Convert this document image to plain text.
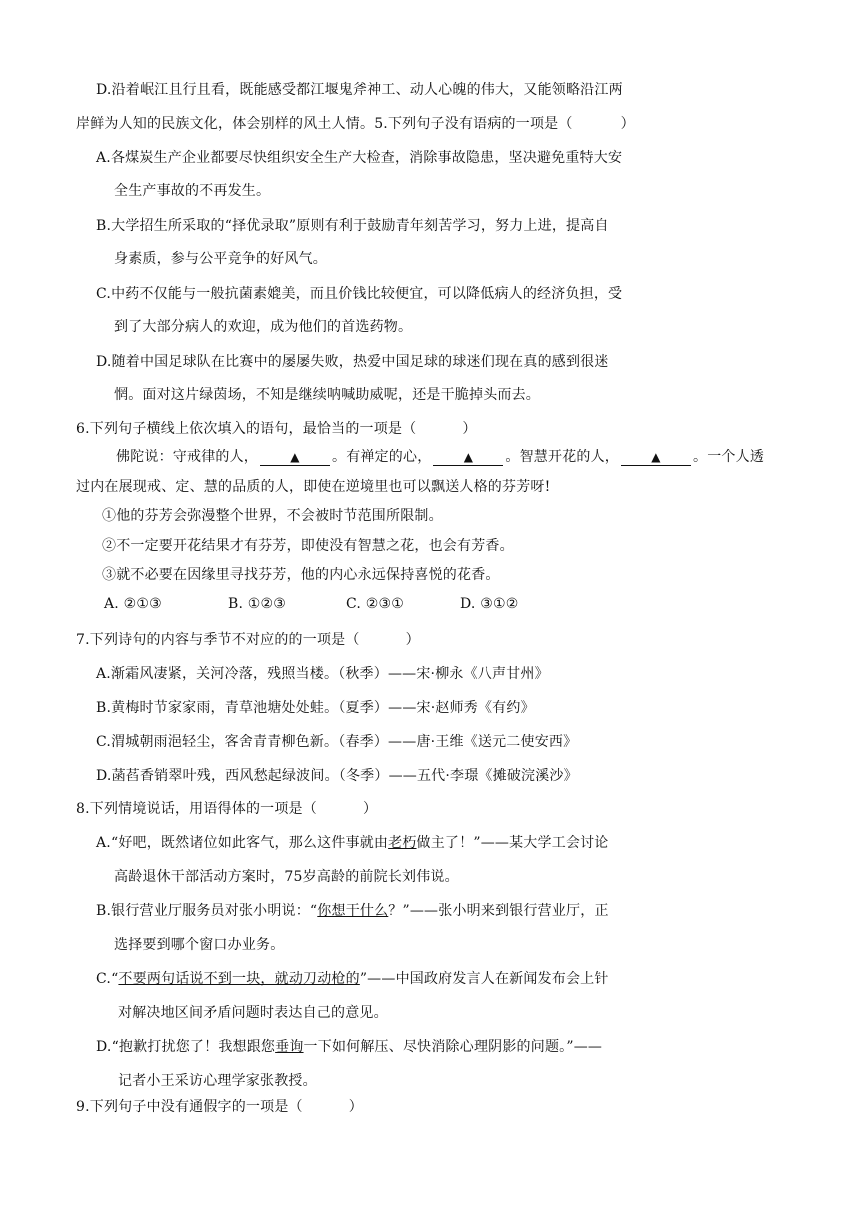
D.沿着岷江且行且看，既能感受都江堰鬼斧神工、动人心魄的伟大，又能领略沿江两
岸鲜为人知的民族文化，体会别样的风土人情。5.下列句子没有语病的一项是（	）
A.各煤炭生产企业都要尽快组织安全生产大检查，消除事故隐患，坚决避免重特大安
全生产事故的不再发生。
B.大学招生所采取的“择优录取”原则有利于鼓励青年刻苦学习，努力上进，提高自
身素质，参与公平竞争的好风气。
C.中药不仅能与一般抗菌素媲美，而且价钱比较便宜，可以降低病人的经济负担，受
到了大部分病人的欢迎，成为他们的首选药物。
D.随着中国足球队在比赛中的屡屡失败，热爱中国足球的球迷们现在真的感到很迷
惘。面对这片绿茵场，不知是继续呐喊助威呢，还是干脆掉头而去。
6.下列句子横线上依次填入的语句，最恰当的一项是（	）
佛陀说：守戒律的人，	▲ 。有禅定的心，	▲ 。智慧开花的人，	▲ 。一个人透
过内在展现戒、定、慧的品质的人，即使在逆境里也可以飘送人格的芬芳呀!
①他的芬芳会弥漫整个世界，不会被时节范围所限制。
②不一定要开花结果才有芬芳，即使没有智慧之花，也会有芳香。
③就不必要在因缘里寻找芬芳，他的内心永远保持喜悦的花香。
A. ②①③	B. ①②③	C. ②③①	D. ③①②
7.下列诗句的内容与季节不对应的的一项是（	）
A.渐霜风凄紧，关河冷落，残照当楼。（秋季）——宋·柳永《八声甘州》
B.黄梅时节家家雨，青草池塘处处蛙。（夏季）——宋·赵师秀《有约》
C.渭城朝雨浥轻尘，客舍青青柳色新。（春季）——唐·王维《送元二使安西》
D.菡萏香销翠叶残，西风愁起绿波间。（冬季）——五代·李璟《摊破浣溪沙》
8.下列情境说话，用语得体的一项是（	）
A.“好吧，既然诸位如此客气，那么这件事就由老朽做主了！”——某大学工会讨论
高龄退休干部活动方案时，75岁高龄的前院长刘伟说。
B.银行营业厅服务员对张小明说：“你想干什么？”——张小明来到银行营业厅，正
选择要到哪个窗口办业务。
C.“不要两句话说不到一块，就动刀动枪的”——中国政府发言人在新闻发布会上针
对解决地区间矛盾问题时表达自己的意见。
D.“抱歉打扰您了！我想跟您垂询一下如何解压、尽快消除心理阴影的问题。”——
记者小王采访心理学家张教授。
9.下列句子中没有通假字的一项是（	）
